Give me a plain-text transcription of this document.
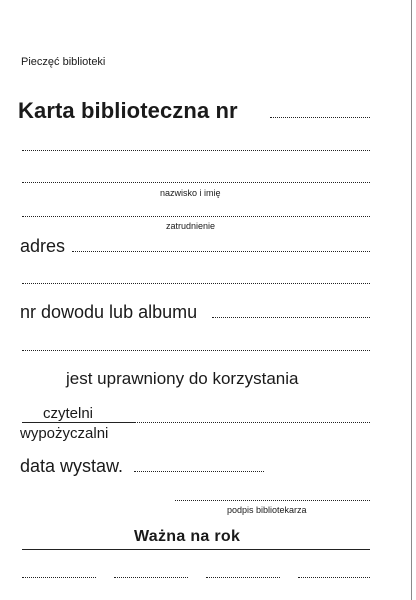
Pieczęć biblioteki
Karta biblioteczna nr
nazwisko i imię
zatrudnienie
adres
nr dowodu lub albumu
jest uprawniony do korzystania
czytelni
wypożyczalni
data wystaw.
podpis bibliotekarza
Ważna na rok
